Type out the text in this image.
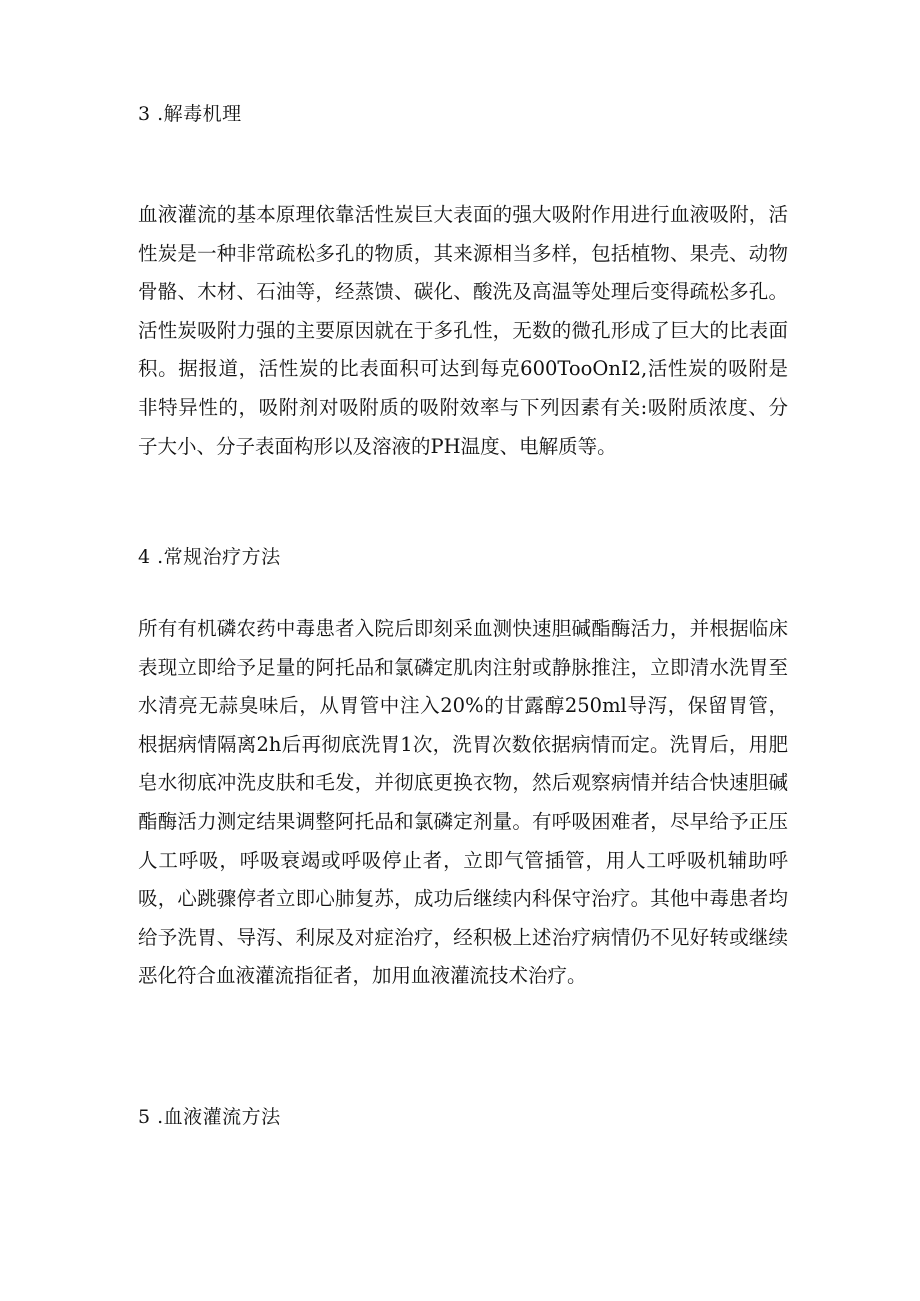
3 .解毒机理
血液灌流的基本原理依靠活性炭巨大表面的强大吸附作用进行血液吸附，活性炭是一种非常疏松多孔的物质，其来源相当多样，包括植物、果壳、动物骨骼、木材、石油等，经蒸馈、碳化、酸洗及高温等处理后变得疏松多孔。活性炭吸附力强的主要原因就在于多孔性，无数的微孔形成了巨大的比表面积。据报道，活性炭的比表面积可达到每克600TooOnI2,活性炭的吸附是非特异性的，吸附剂对吸附质的吸附效率与下列因素有关:吸附质浓度、分子大小、分子表面构形以及溶液的PH温度、电解质等。
4 .常规治疗方法
所有有机磷农药中毒患者入院后即刻采血测快速胆碱酯酶活力，并根据临床表现立即给予足量的阿托品和氯磷定肌肉注射或静脉推注，立即清水洗胃至水清亮无蒜臭味后，从胃管中注入20%的甘露醇250ml导泻，保留胃管，根据病情隔离2h后再彻底洗胃1次，洗胃次数依据病情而定。洗胃后，用肥皂水彻底冲洗皮肤和毛发，并彻底更换衣物，然后观察病情并结合快速胆碱酯酶活力测定结果调整阿托品和氯磷定剂量。有呼吸困难者，尽早给予正压人工呼吸，呼吸衰竭或呼吸停止者，立即气管插管，用人工呼吸机辅助呼吸，心跳骤停者立即心肺复苏，成功后继续内科保守治疗。其他中毒患者均给予洗胃、导泻、利尿及对症治疗，经积极上述治疗病情仍不见好转或继续恶化符合血液灌流指征者，加用血液灌流技术治疗。
5 .血液灌流方法
